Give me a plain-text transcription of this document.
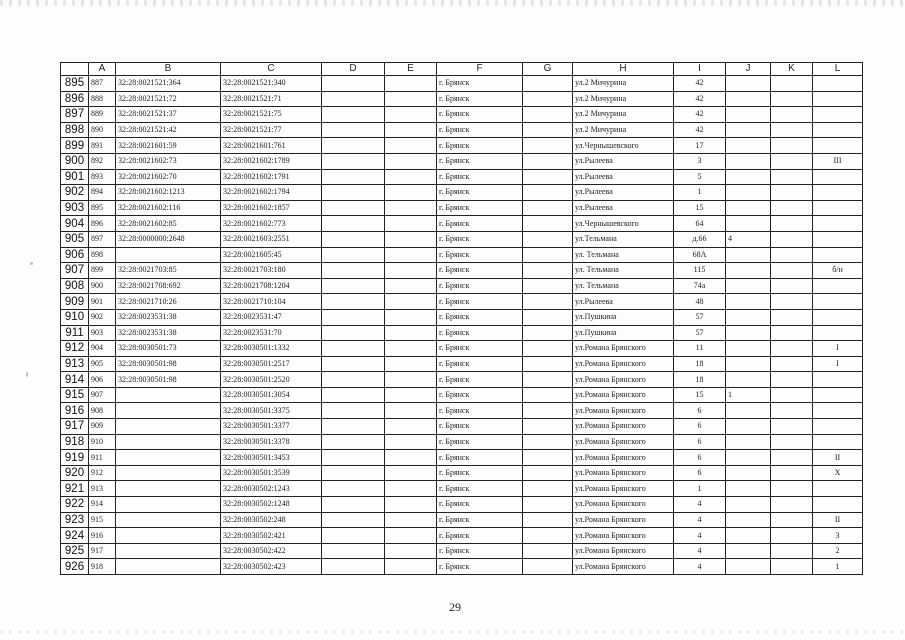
	A	B	C	D	E	F	G	H	I	J	K	L
895	887	32:28:0021521:364	32:28:0021521:340			г. Брянск		ул.2 Мичурина	42			
896	888	32:28:0021521:72	32:28:0021521:71			г. Брянск		ул.2 Мичурина	42			
897	889	32:28:0021521:37	32:28:0021521:75			г. Брянск		ул.2 Мичурина	42			
898	890	32:28:0021521:42	32:28:0021521:77			г. Брянск		ул.2 Мичурина	42			
899	891	32:28:0021601:59	32:28:0021601:761			г. Брянск		ул.Чернышевского	17			
900	892	32:28:0021602:73	32:28:0021602:1789			г. Брянск		ул.Рылеева	3			III
901	893	32:28:0021602:70	32:28:0021602:1791			г. Брянск		ул.Рылеева	5			
902	894	32:28:0021602:1213	32:28:0021602:1794			г. Брянск		ул.Рылеева	1			
903	895	32:28:0021602:116	32:28:0021602:1857			г. Брянск		ул.Рылеева	15			
904	896	32:28:0021602:85	32:28:0021602:773			г. Брянск		ул.Чернышевского	64			
905	897	32:28:0000000:2648	32:28:0021603:2551			г. Брянск		ул.Тельмана	д.66	4		
906	898		32:28:0021605:45			г. Брянск		ул. Тельмана	68А			
907	899	32:28:0021703:85	32:28:0021703:180			г. Брянск		ул. Тельмана	115			б/н
908	900	32:28:0021708:692	32:28:0021708:1204			г. Брянск		ул. Тельмана	74а			
909	901	32:28:0021710:26	32:28:0021710:104			г. Брянск		ул.Рылеева	48			
910	902	32:28:0023531:38	32:28:0023531:47			г. Брянск		ул.Пушкина	57			
911	903	32:28:0023531:38	32:28:0023531:70			г. Брянск		ул.Пушкина	57			
912	904	32:28:0030501:73	32:28:0030501:1332			г. Брянск		ул.Романа Брянского	11			I
913	905	32:28:0030501:98	32:28:0030501:2517			г. Брянск		ул.Романа Брянского	18			I
914	906	32:28:0030501:98	32:28:0030501:2520			г. Брянск		ул.Романа Брянского	18			
915	907		32:28:0030501:3054			г. Брянск		ул.Романа Брянского	15	1		
916	908		32:28:0030501:3375			г. Брянск		ул.Романа Брянского	6			
917	909		32:28:0030501:3377			г. Брянск		ул.Романа Брянского	6			
918	910		32:28:0030501:3378			г. Брянск		ул.Романа Брянского	6			
919	911		32:28:0030501:3453			г. Брянск		ул.Романа Брянского	6			II
920	912		32:28:0030501:3539			г. Брянск		ул.Романа Брянского	6			X
921	913		32:28:0030502:1243			г. Брянск		ул.Романа Брянского	1			
922	914		32:28:0030502:1248			г. Брянск		ул.Романа Брянского	4			
923	915		32:28:0030502:248			г. Брянск		ул.Романа Брянского	4			II
924	916		32:28:0030502:421			г. Брянск		ул.Романа Брянского	4			3
925	917		32:28:0030502:422			г. Брянск		ул.Романа Брянского	4			2
926	918		32:28:0030502:423			г. Брянск		ул.Романа Брянского	4			1
29
